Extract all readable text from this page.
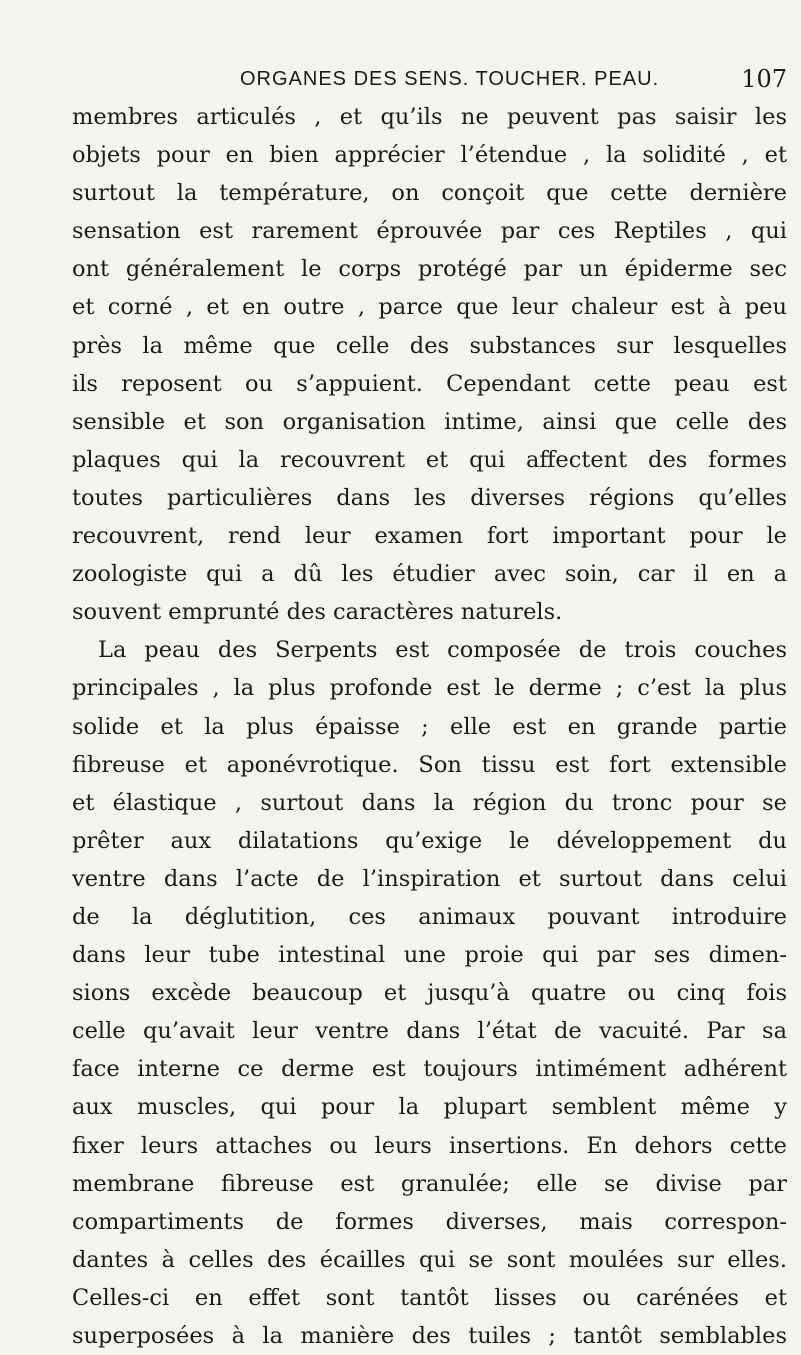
ORGANES DES SENS. TOUCHER. PEAU.	107
membres articulés , et qu’ils ne peuvent pas saisir les
objets pour en bien apprécier l’étendue , la solidité , et
surtout la température, on conçoit que cette dernière
sensation est rarement éprouvée par ces Reptiles , qui
ont généralement le corps protégé par un épiderme sec
et corné , et en outre , parce que leur chaleur est à peu
près la même que celle des substances sur lesquelles
ils reposent ou s’appuient. Cependant cette peau est
sensible et son organisation intime, ainsi que celle des
plaques qui la recouvrent et qui affectent des formes
toutes particulières dans les diverses régions qu’elles
recouvrent, rend leur examen fort important pour le
zoologiste qui a dû les étudier avec soin, car il en a
souvent emprunté des caractères naturels.
La peau des Serpents est composée de trois couches
principales , la plus profonde est le derme ; c’est la plus
solide et la plus épaisse ; elle est en grande partie
fibreuse et aponévrotique. Son tissu est fort extensible
et élastique , surtout dans la région du tronc pour se
prêter aux dilatations qu’exige le développement du
ventre dans l’acte de l’inspiration et surtout dans celui
de la déglutition, ces animaux pouvant introduire
dans leur tube intestinal une proie qui par ses dimen-
sions excède beaucoup et jusqu’à quatre ou cinq fois
celle qu’avait leur ventre dans l’état de vacuité. Par sa
face interne ce derme est toujours intimément adhérent
aux muscles, qui pour la plupart semblent même y
fixer leurs attaches ou leurs insertions. En dehors cette
membrane fibreuse est granulée; elle se divise par
compartiments de formes diverses, mais correspon-
dantes à celles des écailles qui se sont moulées sur elles.
Celles-ci en effet sont tantôt lisses ou carénées et
superposées à la manière des tuiles ; tantôt semblables
